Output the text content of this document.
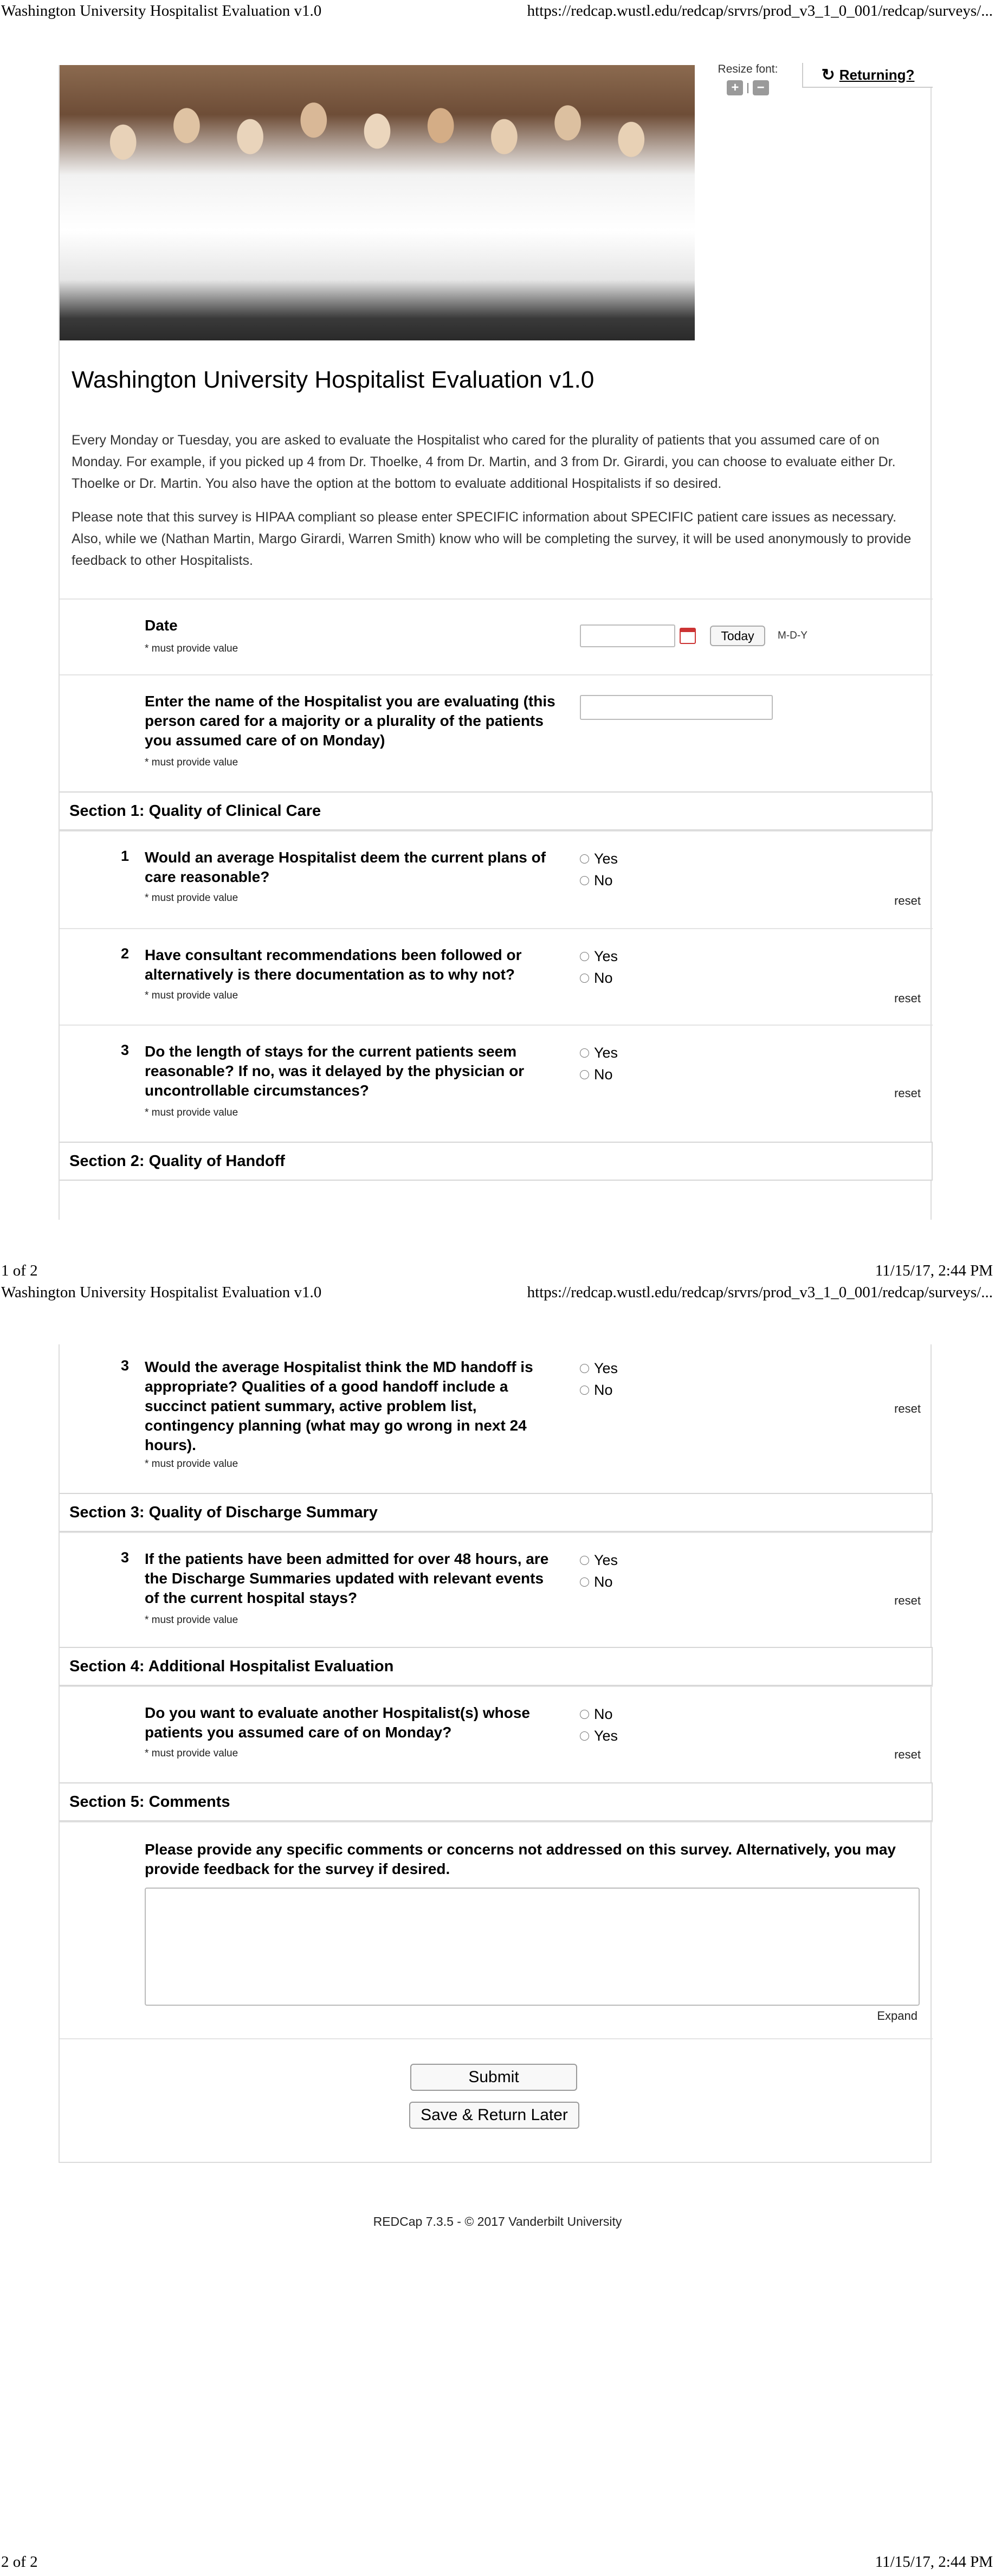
Washington University Hospitalist Evaluation v1.0	https://redcap.wustl.edu/redcap/srvrs/prod_v3_1_0_001/redcap/surveys/...
Resize font:
+ | −
↻ Returning?
Washington University Hospitalist Evaluation v1.0

Every Monday or Tuesday, you are asked to evaluate the Hospitalist who cared for the plurality of patients that you assumed care of on Monday. For example, if you picked up 4 from Dr. Thoelke, 4 from Dr. Martin, and 3 from Dr. Girardi, you can choose to evaluate either Dr. Thoelke or Dr. Martin. You also have the option at the bottom to evaluate additional Hospitalists if so desired.

Please note that this survey is HIPAA compliant so please enter SPECIFIC information about SPECIFIC patient care issues as necessary. Also, while we (Nathan Martin, Margo Girardi, Warren Smith) know who will be completing the survey, it will be used anonymously to provide feedback to other Hospitalists.

Date
* must provide value
Today	M-D-Y
Enter the name of the Hospitalist you are evaluating (this person cared for a majority or a plurality of the patients you assumed care of on Monday)
* must provide value
Section 1: Quality of Clinical Care
1 Would an average Hospitalist deem the current plans of care reasonable?
* must provide value
Yes
No
reset
2 Have consultant recommendations been followed or alternatively is there documentation as to why not?
* must provide value
Yes
No
reset
3 Do the length of stays for the current patients seem reasonable? If no, was it delayed by the physician or uncontrollable circumstances?
* must provide value
Yes
No
reset
Section 2: Quality of Handoff
1 of 2	11/15/17, 2:44 PM
Washington University Hospitalist Evaluation v1.0	https://redcap.wustl.edu/redcap/srvrs/prod_v3_1_0_001/redcap/surveys/...
3 Would the average Hospitalist think the MD handoff is appropriate? Qualities of a good handoff include a succinct patient summary, active problem list, contingency planning (what may go wrong in next 24 hours).
* must provide value
Yes
No
reset
Section 3: Quality of Discharge Summary
3 If the patients have been admitted for over 48 hours, are the Discharge Summaries updated with relevant events of the current hospital stays?
* must provide value
Yes
No
reset
Section 4: Additional Hospitalist Evaluation
Do you want to evaluate another Hospitalist(s) whose patients you assumed care of on Monday?
* must provide value
No
Yes
reset
Section 5: Comments
Please provide any specific comments or concerns not addressed on this survey. Alternatively, you may provide feedback for the survey if desired.
Expand
Submit
Save & Return Later
REDCap 7.3.5 - © 2017 Vanderbilt University
2 of 2	11/15/17, 2:44 PM
